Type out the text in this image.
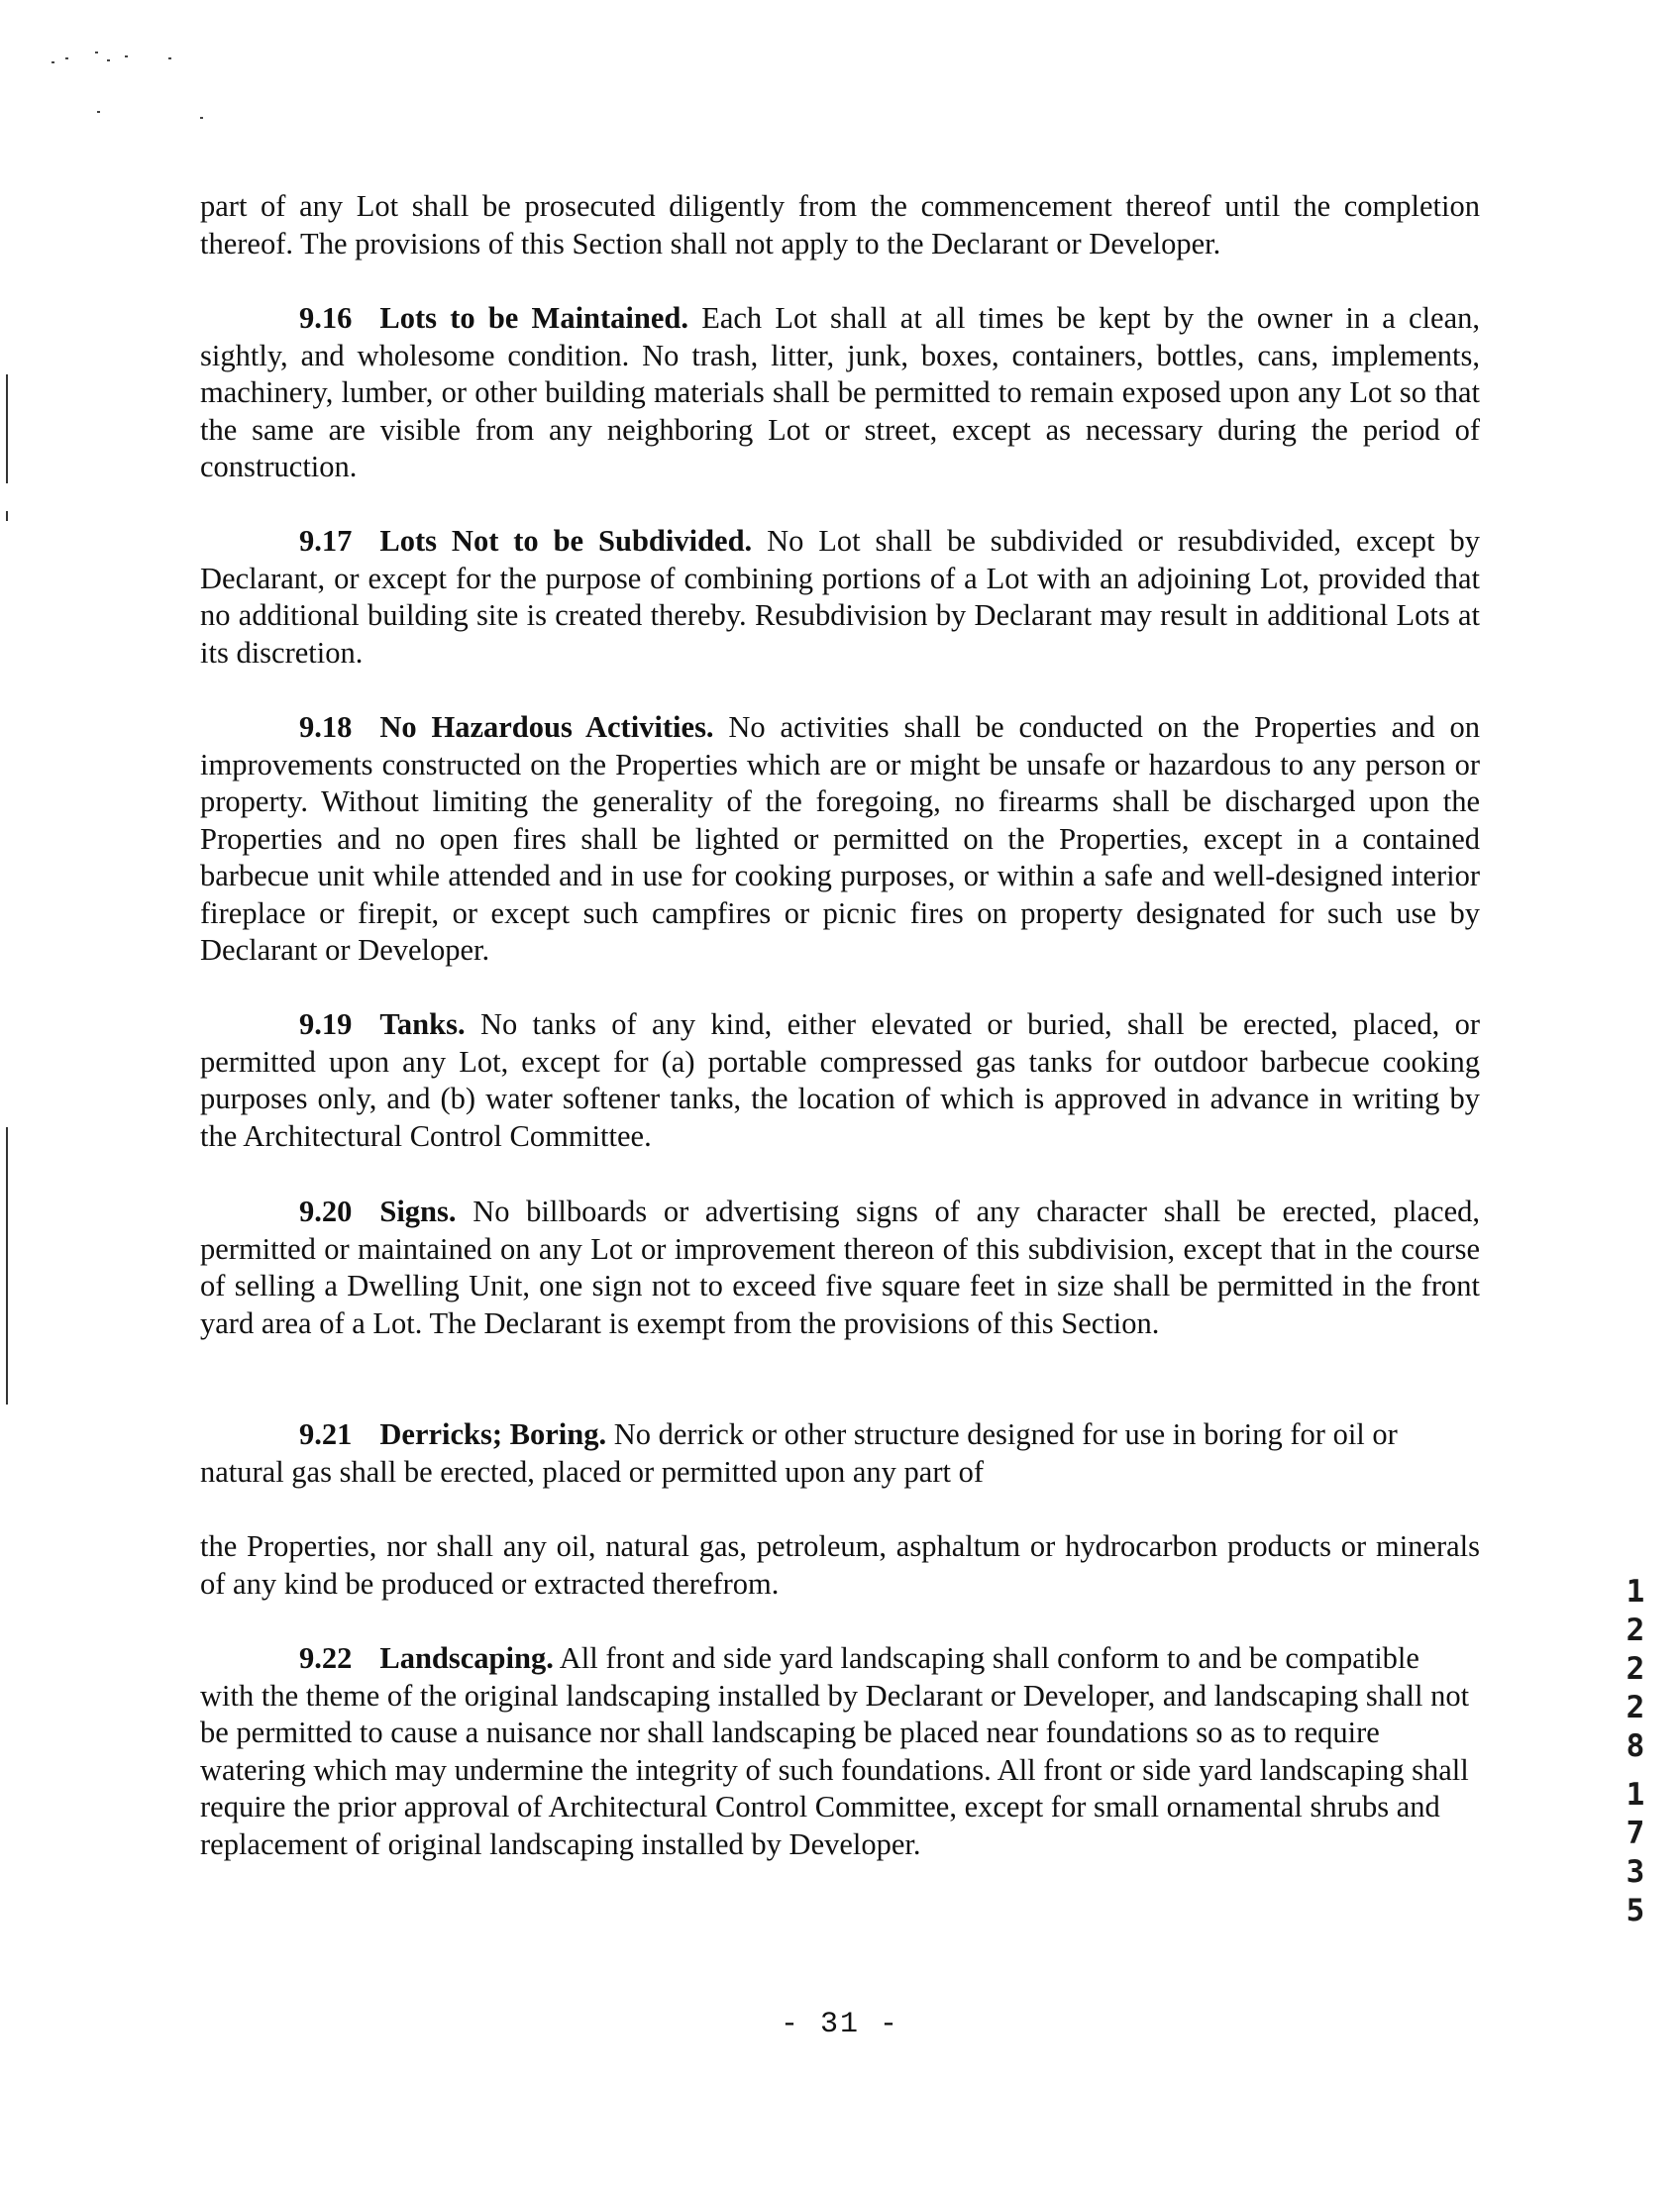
part of any Lot shall be prosecuted diligently from the commencement thereof until the completion thereof. The provisions of this Section shall not apply to the Declarant or Developer.

9.16 Lots to be Maintained. Each Lot shall at all times be kept by the owner in a clean, sightly, and wholesome condition. No trash, litter, junk, boxes, containers, bottles, cans, implements, machinery, lumber, or other building materials shall be permitted to remain exposed upon any Lot so that the same are visible from any neighboring Lot or street, except as necessary during the period of construction.

9.17 Lots Not to be Subdivided. No Lot shall be subdivided or resubdivided, except by Declarant, or except for the purpose of combining portions of a Lot with an adjoining Lot, provided that no additional building site is created thereby. Resubdivision by Declarant may result in additional Lots at its discretion.

9.18 No Hazardous Activities. No activities shall be conducted on the Properties and on improvements constructed on the Properties which are or might be unsafe or hazardous to any person or property. Without limiting the generality of the foregoing, no firearms shall be discharged upon the Properties and no open fires shall be lighted or permitted on the Properties, except in a contained barbecue unit while attended and in use for cooking purposes, or within a safe and well-designed interior fireplace or firepit, or except such campfires or picnic fires on property designated for such use by Declarant or Developer.

9.19 Tanks. No tanks of any kind, either elevated or buried, shall be erected, placed, or permitted upon any Lot, except for (a) portable compressed gas tanks for outdoor barbecue cooking purposes only, and (b) water softener tanks, the location of which is approved in advance in writing by the Architectural Control Committee.

9.20 Signs. No billboards or advertising signs of any character shall be erected, placed, permitted or maintained on any Lot or improvement thereon of this subdivision, except that in the course of selling a Dwelling Unit, one sign not to exceed five square feet in size shall be permitted in the front yard area of a Lot. The Declarant is exempt from the provisions of this Section.

9.21 Derricks; Boring. No derrick or other structure designed for use in boring for oil or natural gas shall be erected, placed or permitted upon any part of

the Properties, nor shall any oil, natural gas, petroleum, asphaltum or hydrocarbon products or minerals of any kind be produced or extracted therefrom.

9.22 Landscaping. All front and side yard landscaping shall conform to and be compatible with the theme of the original landscaping installed by Declarant or Developer, and landscaping shall not be permitted to cause a nuisance nor shall landscaping be placed near foundations so as to require watering which may undermine the integrity of such foundations. All front or side yard landscaping shall require the prior approval of Architectural Control Committee, except for small ornamental shrubs and replacement of original landscaping installed by Developer.

1
2
2
2
8
1
7
3
5
- 31 -
